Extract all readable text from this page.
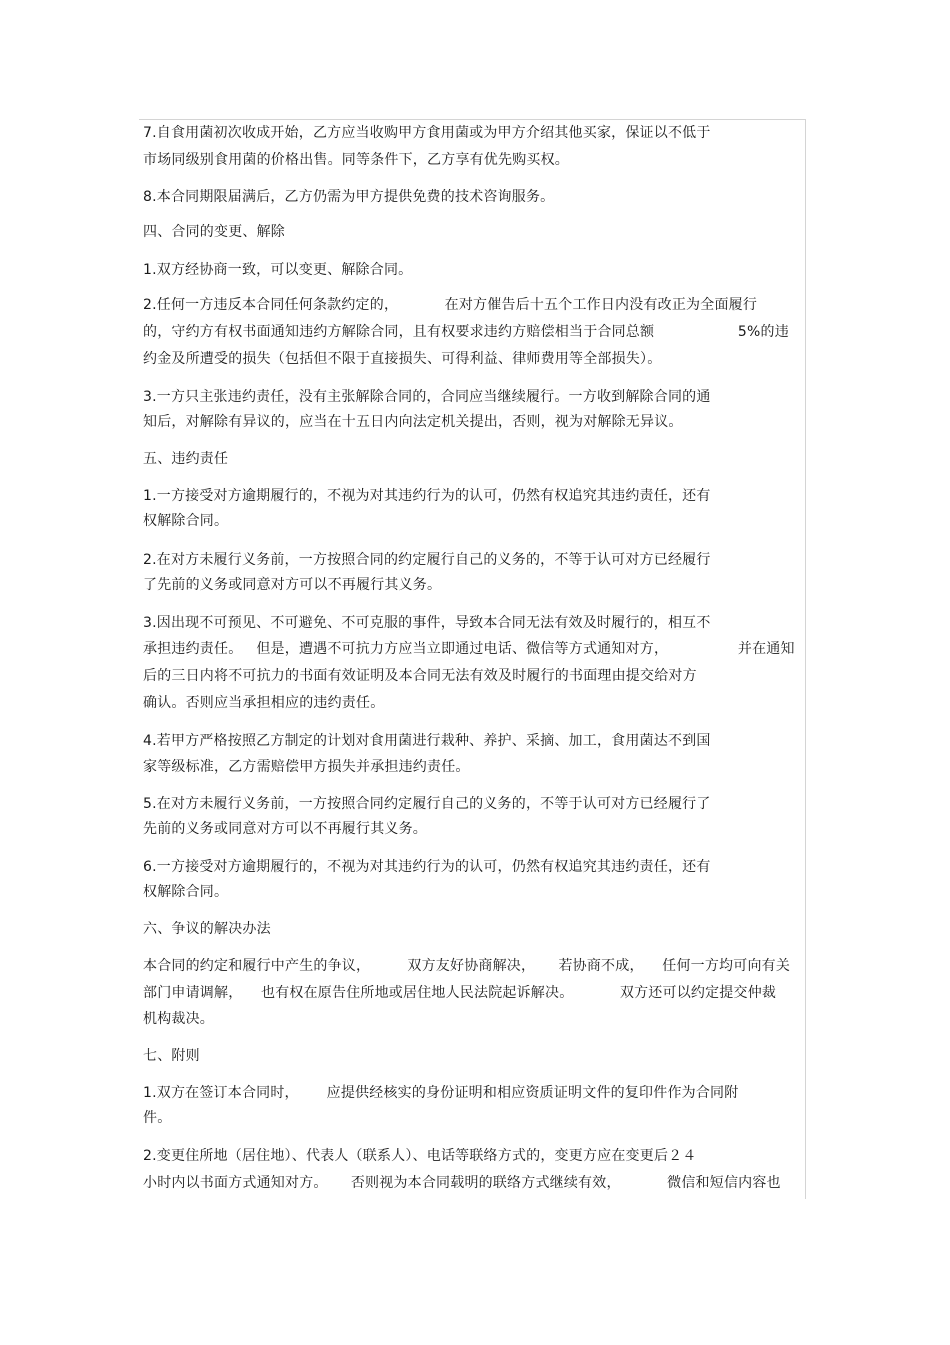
7.自食用菌初次收成开始，乙方应当收购甲方食用菌或为甲方介绍其他买家，保证以不低于
市场同级别食用菌的价格出售。同等条件下，乙方享有优先购买权。
8.本合同期限届满后，乙方仍需为甲方提供免费的技术咨询服务。
四、合同的变更、解除
1.双方经协商一致，可以变更、解除合同。
2.任何一方违反本合同任何条款约定的，          在对方催告后十五个工作日内没有改正为全面履行
的，守约方有权书面通知违约方解除合同，且有权要求违约方赔偿相当于合同总额                  5%的违
约金及所遭受的损失（包括但不限于直接损失、可得利益、律师费用等全部损失）。
3.一方只主张违约责任，没有主张解除合同的，合同应当继续履行。一方收到解除合同的通
知后，对解除有异议的，应当在十五日内向法定机关提出，否则，视为对解除无异议。
五、违约责任
1.一方接受对方逾期履行的，不视为对其违约行为的认可，仍然有权追究其违约责任，还有
权解除合同。
2.在对方未履行义务前，一方按照合同的约定履行自己的义务的，不等于认可对方已经履行
了先前的义务或同意对方可以不再履行其义务。
3.因出现不可预见、不可避免、不可克服的事件，导致本合同无法有效及时履行的，相互不
承担违约责任。   但是，遭遇不可抗力方应当立即通过电话、微信等方式通知对方，               并在通知
后的三日内将不可抗力的书面有效证明及本合同无法有效及时履行的书面理由提交给对方
确认。否则应当承担相应的违约责任。
4.若甲方严格按照乙方制定的计划对食用菌进行栽种、养护、采摘、加工，食用菌达不到国
家等级标准，乙方需赔偿甲方损失并承担违约责任。
5.在对方未履行义务前，一方按照合同约定履行自己的义务的，不等于认可对方已经履行了
先前的义务或同意对方可以不再履行其义务。
6.一方接受对方逾期履行的，不视为对其违约行为的认可，仍然有权追究其违约责任，还有
权解除合同。
六、争议的解决办法
本合同的约定和履行中产生的争议，        双方友好协商解决，     若协商不成，    任何一方均可向有关
部门申请调解，    也有权在原告住所地或居住地人民法院起诉解决。          双方还可以约定提交仲裁
机构裁决。
七、附则
1.双方在签订本合同时，      应提供经核实的身份证明和相应资质证明文件的复印件作为合同附
件。
2.变更住所地（居住地）、代表人（联系人）、电话等联络方式的，变更方应在变更后２４
小时内以书面方式通知对方。     否则视为本合同载明的联络方式继续有效，          微信和短信内容也
